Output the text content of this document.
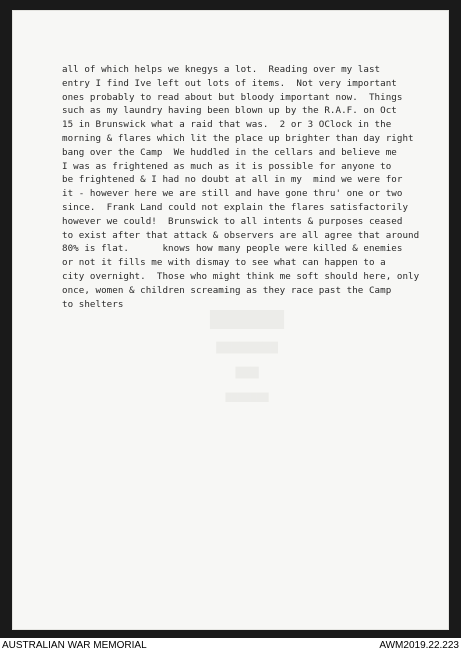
██████
████████
███
███████
all of which helps we knegys a lot.  Reading over my last
entry I find Ive left out lots of items.  Not very important
ones probably to read about but bloody important now.  Things
such as my laundry having been blown up by the R.A.F. on Oct
15 in Brunswick what a raid that was.  2 or 3 OClock in the
morning & flares which lit the place up brighter than day right
bang over the Camp  We huddled in the cellars and believe me
I was as frightened as much as it is possible for anyone to
be frightened & I had no doubt at all in my  mind we were for
it - however here we are still and have gone thru' one or two
since.  Frank Land could not explain the flares satisfactorily
however we could!  Brunswick to all intents & purposes ceased
to exist after that attack & observers are all agree that around
80% is flat.      knows how many people were killed & enemies
or not it fills me with dismay to see what can happen to a
city overnight.  Those who might think me soft should here, only
once, women & children screaming as they race past the Camp
to shelters
AUSTRALIAN WAR MEMORIAL	AWM2019.22.223
